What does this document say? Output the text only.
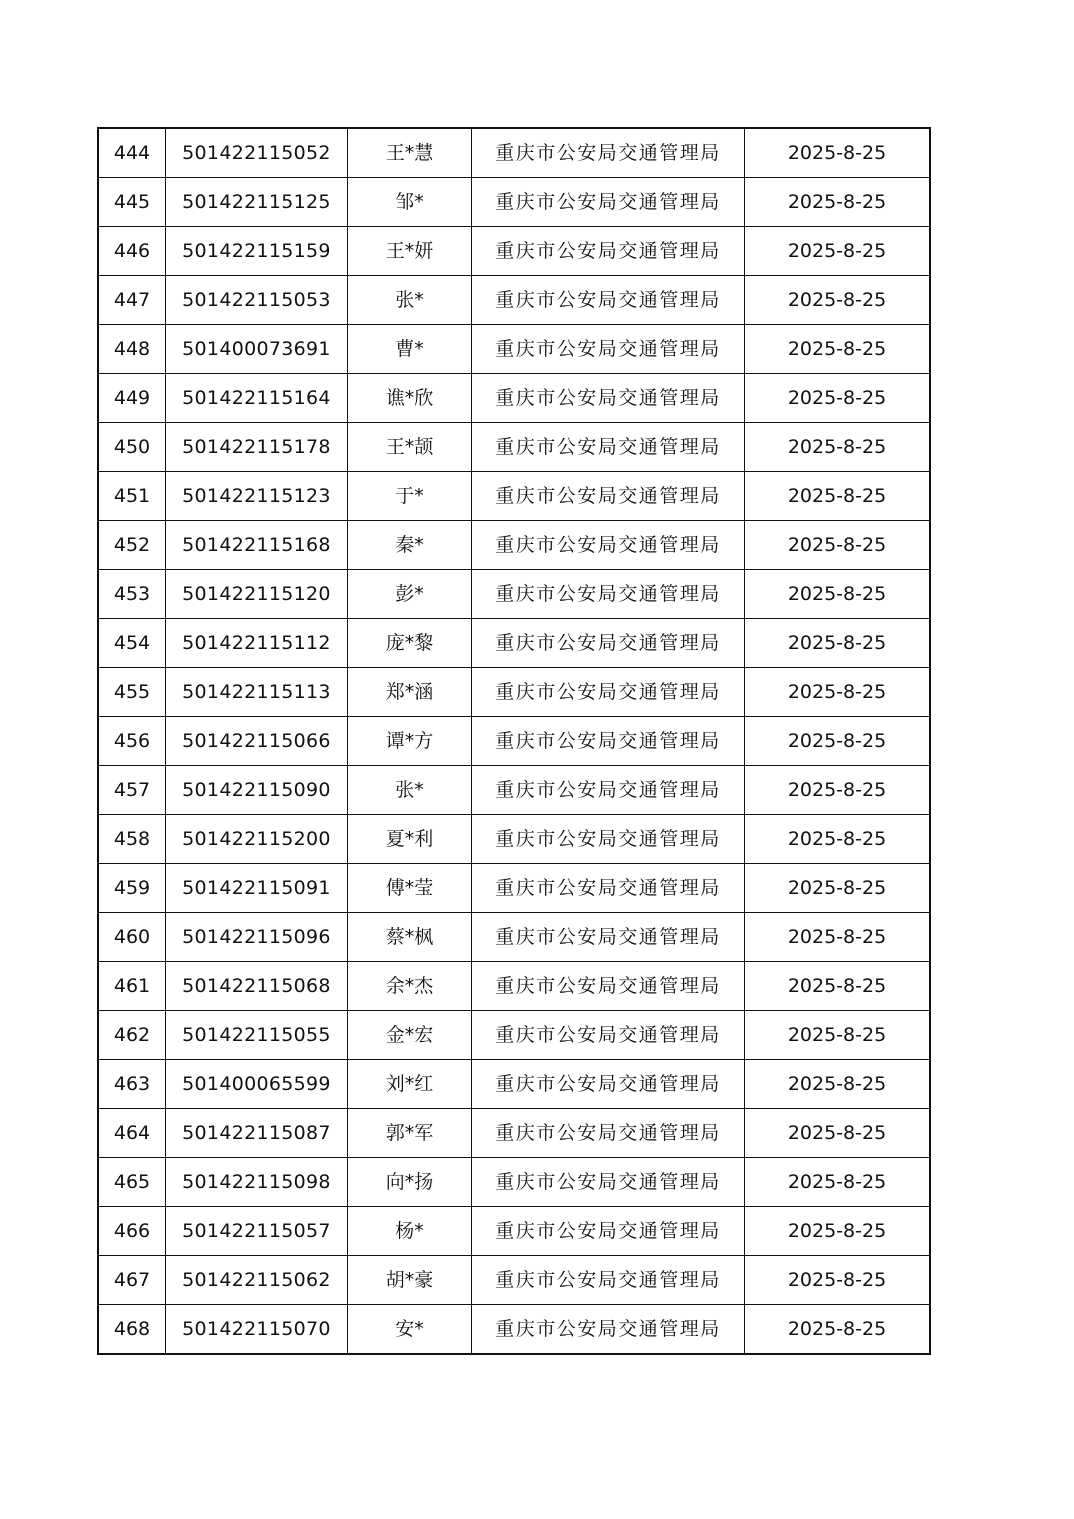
444	501422115052	王*慧	重庆市公安局交通管理局	2025-8-25
445	501422115125	邹*	重庆市公安局交通管理局	2025-8-25
446	501422115159	王*妍	重庆市公安局交通管理局	2025-8-25
447	501422115053	张*	重庆市公安局交通管理局	2025-8-25
448	501400073691	曹*	重庆市公安局交通管理局	2025-8-25
449	501422115164	谯*欣	重庆市公安局交通管理局	2025-8-25
450	501422115178	王*颉	重庆市公安局交通管理局	2025-8-25
451	501422115123	于*	重庆市公安局交通管理局	2025-8-25
452	501422115168	秦*	重庆市公安局交通管理局	2025-8-25
453	501422115120	彭*	重庆市公安局交通管理局	2025-8-25
454	501422115112	庞*黎	重庆市公安局交通管理局	2025-8-25
455	501422115113	郑*涵	重庆市公安局交通管理局	2025-8-25
456	501422115066	谭*方	重庆市公安局交通管理局	2025-8-25
457	501422115090	张*	重庆市公安局交通管理局	2025-8-25
458	501422115200	夏*利	重庆市公安局交通管理局	2025-8-25
459	501422115091	傅*莹	重庆市公安局交通管理局	2025-8-25
460	501422115096	蔡*枫	重庆市公安局交通管理局	2025-8-25
461	501422115068	余*杰	重庆市公安局交通管理局	2025-8-25
462	501422115055	金*宏	重庆市公安局交通管理局	2025-8-25
463	501400065599	刘*红	重庆市公安局交通管理局	2025-8-25
464	501422115087	郭*军	重庆市公安局交通管理局	2025-8-25
465	501422115098	向*扬	重庆市公安局交通管理局	2025-8-25
466	501422115057	杨*	重庆市公安局交通管理局	2025-8-25
467	501422115062	胡*豪	重庆市公安局交通管理局	2025-8-25
468	501422115070	安*	重庆市公安局交通管理局	2025-8-25
